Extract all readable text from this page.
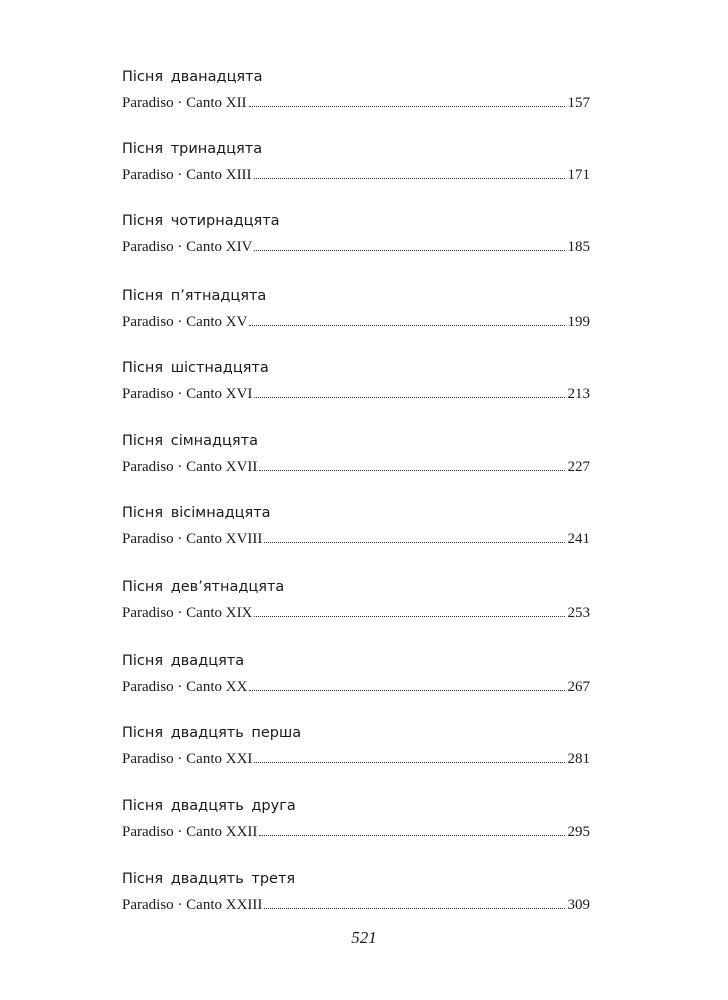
Пісня дванадцята
Paradiso · Canto XII	157
Пісня тринадцята
Paradiso · Canto XIII	171
Пісня чотирнадцята
Paradiso · Canto XIV	185
Пісня п’ятнадцята
Paradiso · Canto XV	199
Пісня шістнадцята
Paradiso · Canto XVI	213
Пісня сімнадцята
Paradiso · Canto XVII	227
Пісня вісімнадцята
Paradiso · Canto XVIII	241
Пісня дев’ятнадцята
Paradiso · Canto XIX	253
Пісня двадцята
Paradiso · Canto XX	267
Пісня двадцять перша
Paradiso · Canto XXI	281
Пісня двадцять друга
Paradiso · Canto XXII	295
Пісня двадцять третя
Paradiso · Canto XXIII	309
521
